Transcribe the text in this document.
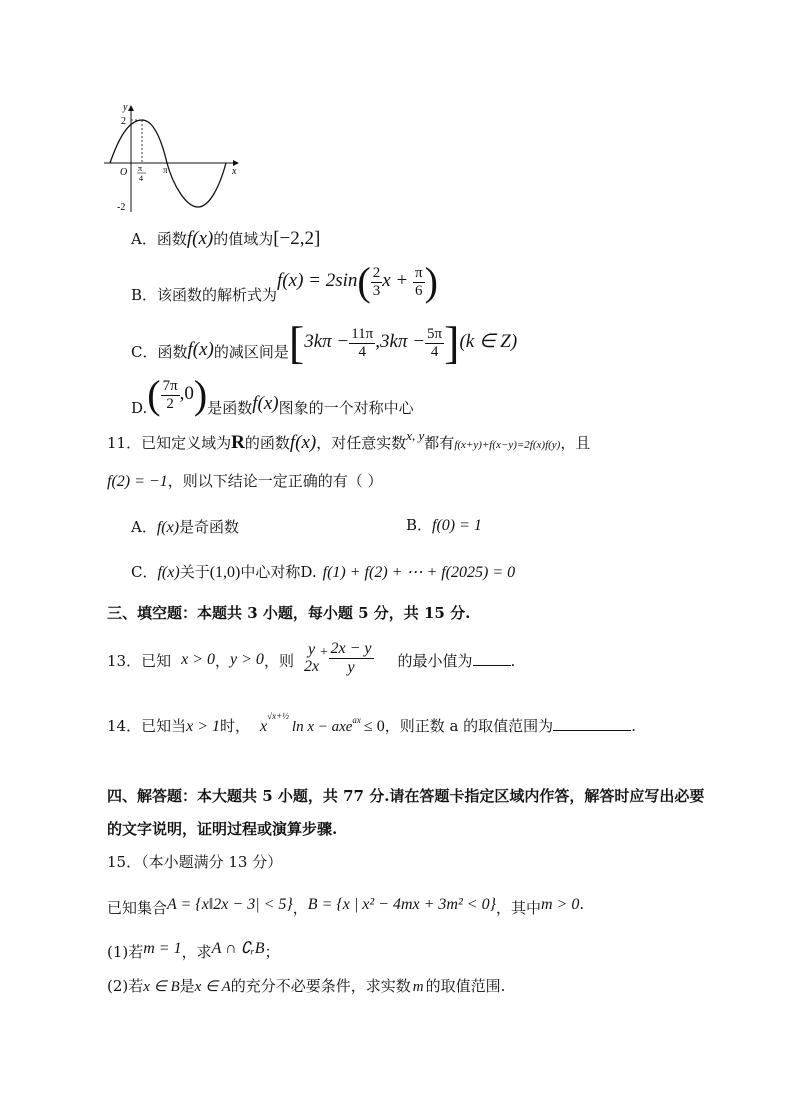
y
x
O
2
-2
π
4
π
A．函数f(x)的值域为[−2,2]
B．该函数的解析式为$f(x) = 2\sin( \frac{2}{3}$ $x + \frac{\pi}{6}$ )
C．函数f(x)的减区间是$[3k\pi - \frac{11\pi}{4} ,3k\pi - \frac{5\pi}{4} ](k$ ∈ Z)
$D.( \frac{7\pi}{2} ,0)$是函数f(x)图象的一个对称中心
11．已知定义域为R的函数f(x)，对任意实数x, y都有f(x+y)+f(x−y)=2f(x)f(y)，且
f(2) = −1，则以下结论一定正确的有（ ）
A．f(x)是奇函数	B．f(0) = 1
C．f(x)关于(1,0)中心对称D. f(1) + f(2) + ⋯ + f(2025) = 0
三、填空题：本题共 3 小题，每小题 5 分，共 15 分.
13．已知 x > 0，y > 0，则
y
2x
+ $\frac{2x - y}{y}$ 的最小值为	.
14．已知当x > 1时， $x^{√x+\frac{1}{2}}\ln$ x − axe$^{ax}$ ≤ 0，则正数 a 的取值范围为	.
四、解答题：本大题共 5 小题，共 77 分.请在答题卡指定区域内作答，解答时应写出必要
的文字说明，证明过程或演算步骤.
15．（本小题满分 13 分）
已知集合A = {x‖2x − 3| < 5}，B = {x | x² − 4mx + 3m² < 0}，其中m > 0.
(1)若m = 1，求A ∩ ∁ᵣB；
(2)若x ∈ B是x ∈ A的充分不必要条件，求实数 m 的取值范围.
